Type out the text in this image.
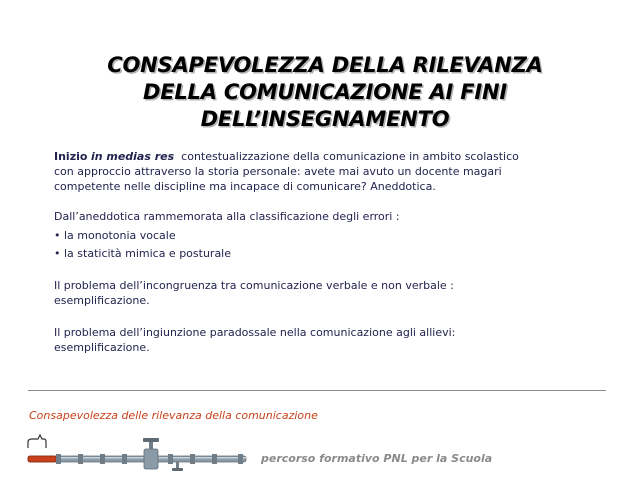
CONSAPEVOLEZZA DELLA RILEVANZA
DELLA COMUNICAZIONE AI FINI
DELL’INSEGNAMENTO

Inizio in medias res contestualizzazione della comunicazione in ambito scolastico
con approccio attraverso la storia personale: avete mai avuto un docente magari
competente nelle discipline ma incapace di comunicare? Aneddotica.

Dall’aneddotica rammemorata alla classificazione degli errori :

• la monotonia vocale
• la staticità mimica e posturale

Il problema dell’incongruenza tra comunicazione verbale e non verbale :
esemplificazione.

Il problema dell’ingiunzione paradossale nella comunicazione agli allievi:
esemplificazione.

Consapevolezza delle rilevanza della comunicazione
percorso formativo PNL per la Scuola
